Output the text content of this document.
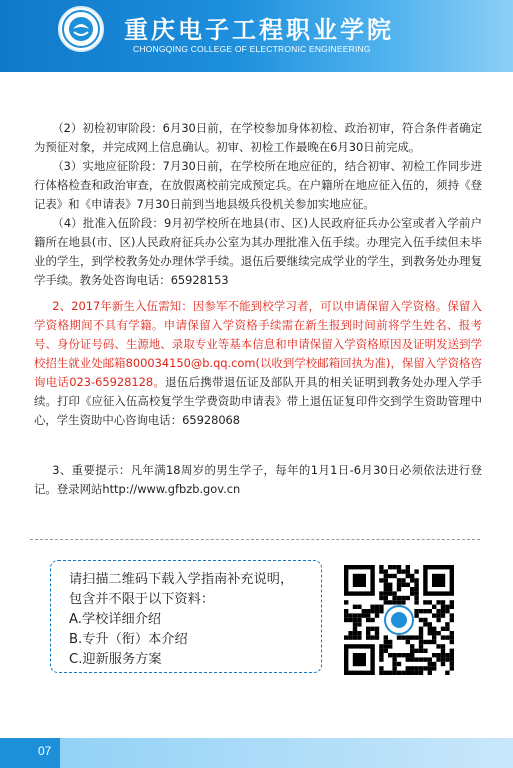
重庆电子工程职业学院
CHONGQING COLLEGE OF ELECTRONIC ENGINEERING

（2）初检初审阶段：6月30日前，在学校参加身体初检、政治初审，符合条件者确定为预征对象，并完成网上信息确认。初审、初检工作最晚在6月30日前完成。

（3）实地应征阶段：7月30日前，在学校所在地应征的，结合初审、初检工作同步进行体格检查和政治审查，在放假离校前完成预定兵。在户籍所在地应征入伍的，须持《登记表》和《申请表》7月30日前到当地县级兵役机关参加实地应征。

（4）批准入伍阶段：9月初学校所在地县(市、区)人民政府征兵办公室或者入学前户籍所在地县(市、区)人民政府征兵办公室为其办理批准入伍手续。办理完入伍手续但未毕业的学生，到学校教务处办理休学手续。退伍后要继续完成学业的学生，到教务处办理复学手续。教务处咨询电话：65928153

2、2017年新生入伍需知：因参军不能到校学习者，可以申请保留入学资格。保留入学资格期间不具有学籍。申请保留入学资格手续需在新生报到时间前将学生姓名、报考号、身份证号码、生源地、录取专业等基本信息和申请保留入学资格原因及证明发送到学校招生就业处邮箱800034150@b.qq.com(以收到学校邮箱回执为准)，保留入学资格咨询电话023-65928128。退伍后携带退伍证及部队开具的相关证明到教务处办理入学手续。打印《应征入伍高校复学生学费资助申请表》带上退伍证复印件交到学生资助管理中心，学生资助中心咨询电话：65928068

3、重要提示：凡年满18周岁的男生学子，每年的1月1日-6月30日必须依法进行登记。登录网站http://www.gfbzb.gov.cn

请扫描二维码下载入学指南补充说明，
包含并不限于以下资料：
A.学校详细介绍
B.专升（衔）本介绍
C.迎新服务方案
07
